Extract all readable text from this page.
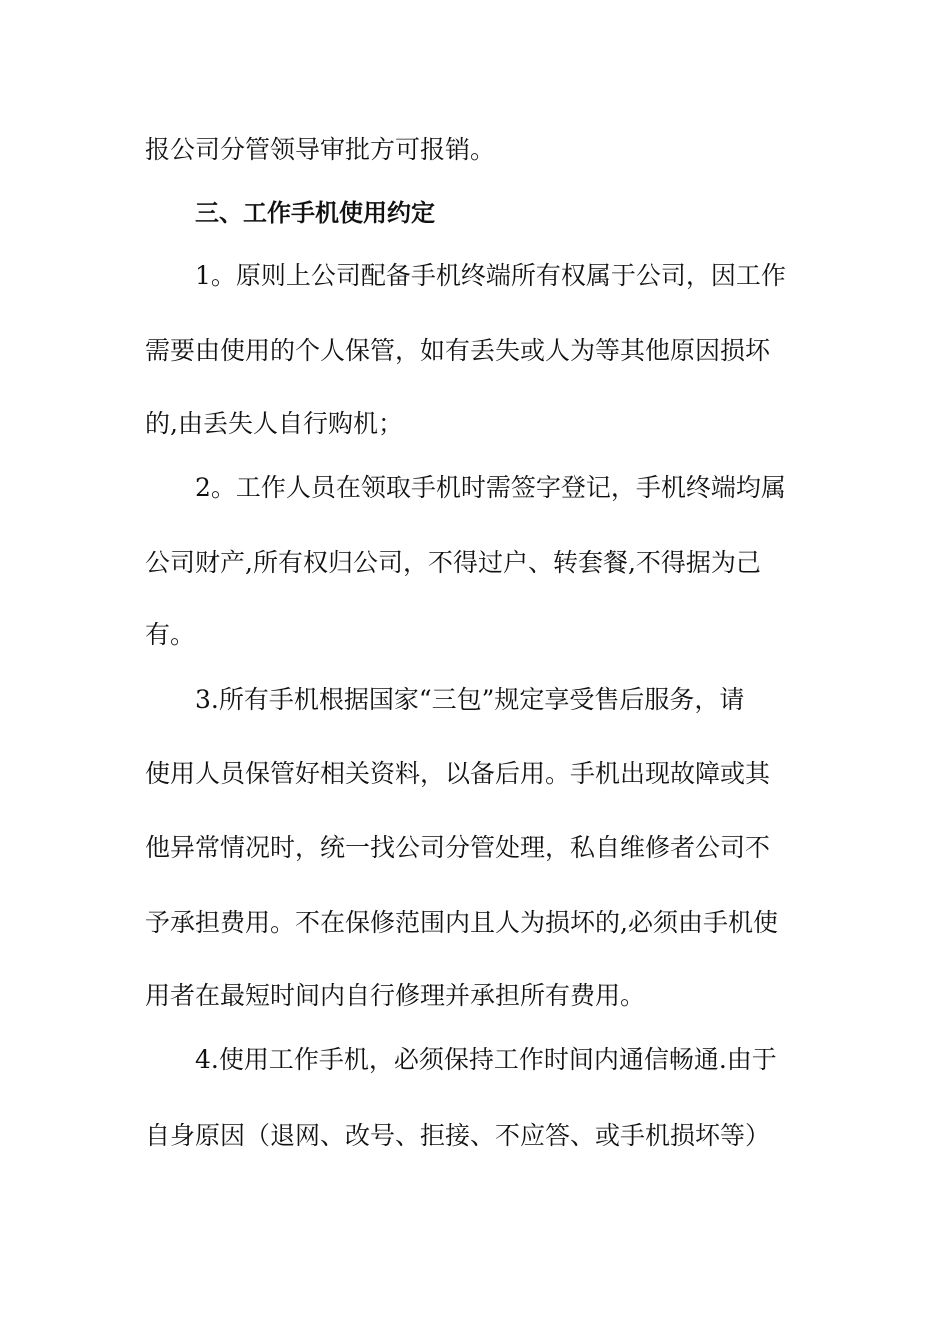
报公司分管领导审批方可报销。
三、工作手机使用约定
1。原则上公司配备手机终端所有权属于公司，因工作
需要由使用的个人保管，如有丢失或人为等其他原因损坏
的,由丢失人自行购机；
2。工作人员在领取手机时需签字登记，手机终端均属
公司财产,所有权归公司，不得过户、转套餐,不得据为己
有。
3.所有手机根据国家“三包”规定享受售后服务，请
使用人员保管好相关资料，以备后用。手机出现故障或其
他异常情况时，统一找公司分管处理，私自维修者公司不
予承担费用。不在保修范围内且人为损坏的,必须由手机使
用者在最短时间内自行修理并承担所有费用。
4.使用工作手机，必须保持工作时间内通信畅通.由于
自身原因（退网、改号、拒接、不应答、或手机损坏等）
